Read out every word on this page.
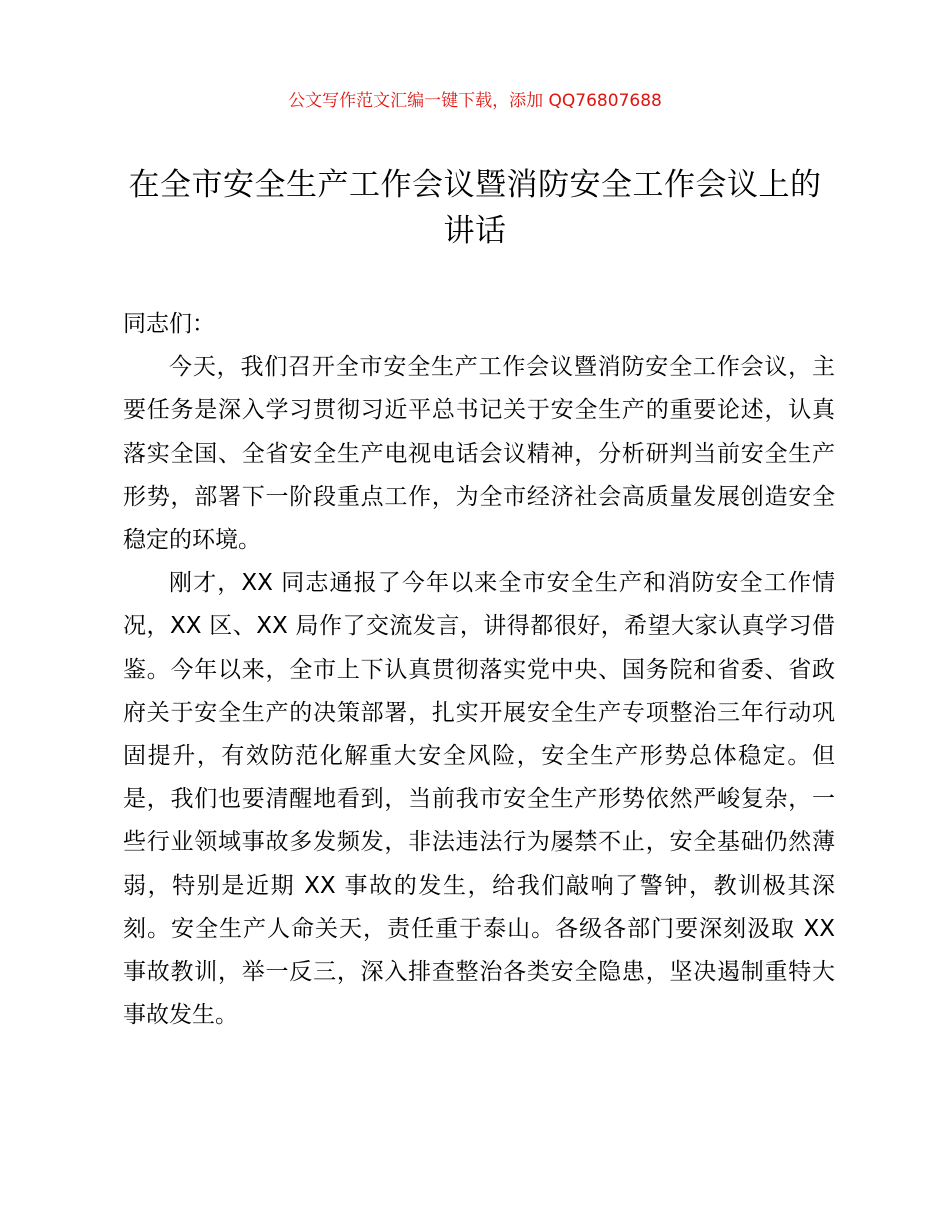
公文写作范文汇编一键下载，添加 QQ76807688
在全市安全生产工作会议暨消防安全工作会议上的讲话

同志们：

今天，我们召开全市安全生产工作会议暨消防安全工作会议，主要任务是深入学习贯彻习近平总书记关于安全生产的重要论述，认真落实全国、全省安全生产电视电话会议精神，分析研判当前安全生产形势，部署下一阶段重点工作，为全市经济社会高质量发展创造安全稳定的环境。

刚才，XX 同志通报了今年以来全市安全生产和消防安全工作情况，XX 区、XX 局作了交流发言，讲得都很好，希望大家认真学习借鉴。今年以来，全市上下认真贯彻落实党中央、国务院和省委、省政府关于安全生产的决策部署，扎实开展安全生产专项整治三年行动巩固提升，有效防范化解重大安全风险，安全生产形势总体稳定。但是，我们也要清醒地看到，当前我市安全生产形势依然严峻复杂，一些行业领域事故多发频发，非法违法行为屡禁不止，安全基础仍然薄弱，特别是近期 XX 事故的发生，给我们敲响了警钟，教训极其深刻。安全生产人命关天，责任重于泰山。各级各部门要深刻汲取 XX 事故教训，举一反三，深入排查整治各类安全隐患，坚决遏制重特大事故发生。
